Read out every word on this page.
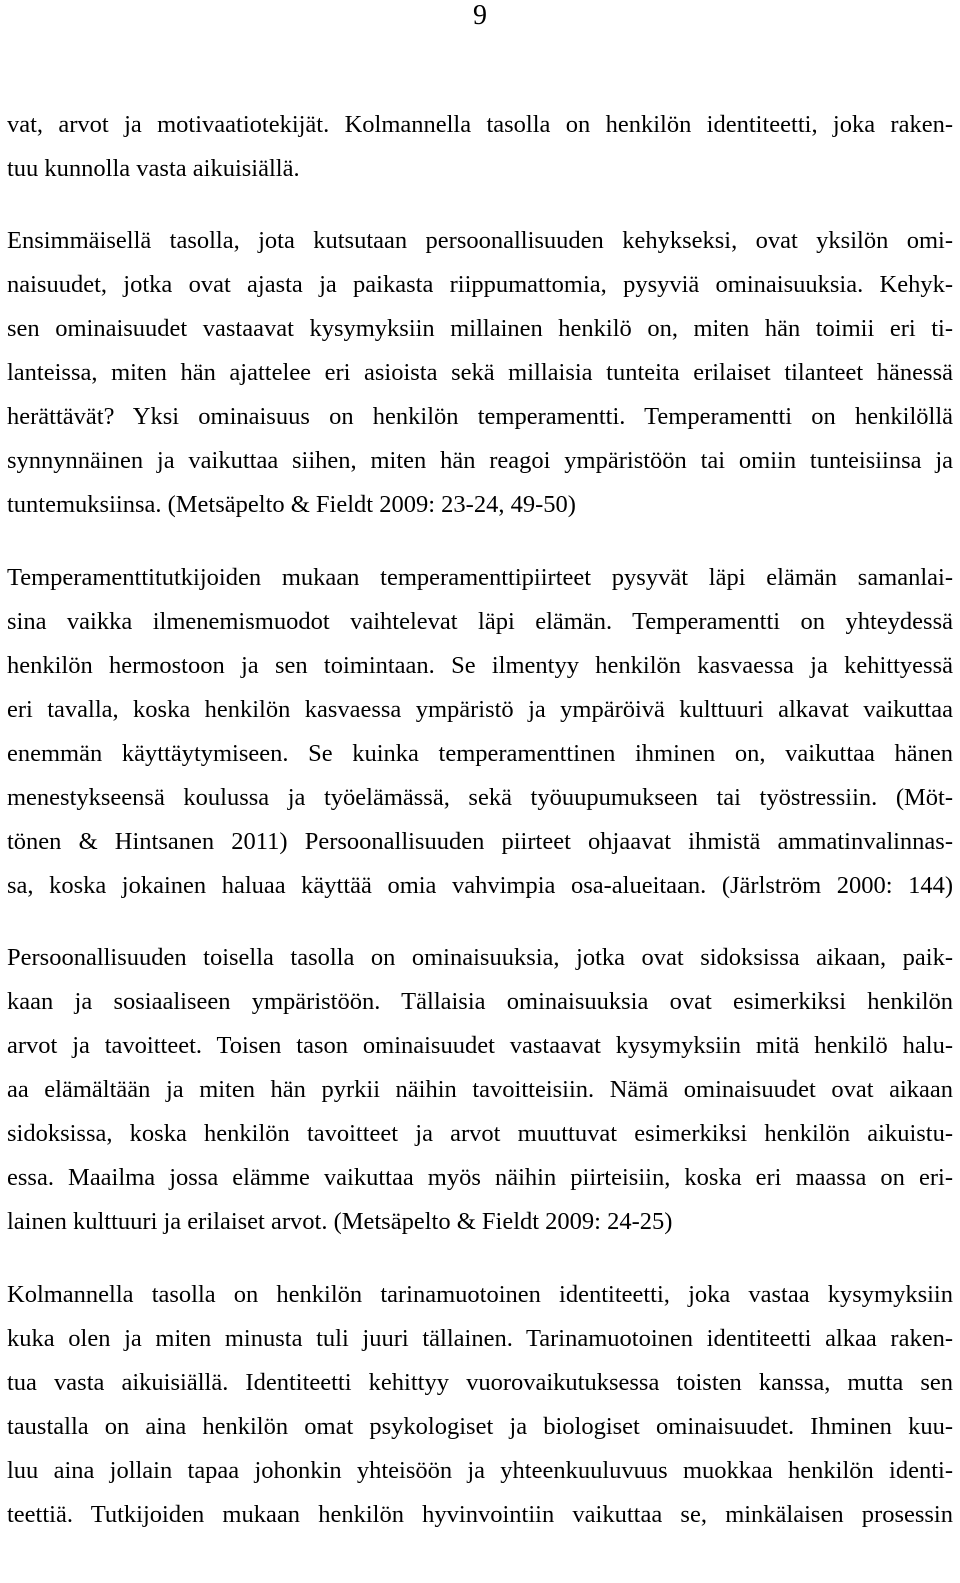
9
vat, arvot ja motivaatiotekijät. Kolmannella tasolla on henkilön identiteetti, joka raken-
tuu kunnolla vasta aikuisiällä.
Ensimmäisellä tasolla, jota kutsutaan persoonallisuuden kehykseksi, ovat yksilön omi-
naisuudet, jotka ovat ajasta ja paikasta riippumattomia, pysyviä ominaisuuksia. Kehyk-
sen ominaisuudet vastaavat kysymyksiin millainen henkilö on, miten hän toimii eri ti-
lanteissa, miten hän ajattelee eri asioista sekä millaisia tunteita erilaiset tilanteet hänessä
herättävät? Yksi ominaisuus on henkilön temperamentti. Temperamentti on henkilöllä
synnynnäinen ja vaikuttaa siihen, miten hän reagoi ympäristöön tai omiin tunteisiinsa ja
tuntemuksiinsa. (Metsäpelto & Fieldt 2009: 23-24, 49-50)
Temperamenttitutkijoiden mukaan temperamenttipiirteet pysyvät läpi elämän samanlai-
sina vaikka ilmenemismuodot vaihtelevat läpi elämän. Temperamentti on yhteydessä
henkilön hermostoon ja sen toimintaan. Se ilmentyy henkilön kasvaessa ja kehittyessä
eri tavalla, koska henkilön kasvaessa ympäristö ja ympäröivä kulttuuri alkavat vaikuttaa
enemmän käyttäytymiseen. Se kuinka temperamenttinen ihminen on, vaikuttaa hänen
menestykseensä koulussa ja työelämässä, sekä työuupumukseen tai työstressiin. (Möt-
tönen & Hintsanen 2011) Persoonallisuuden piirteet ohjaavat ihmistä ammatinvalinnas-
sa, koska jokainen haluaa käyttää omia vahvimpia osa-alueitaan. (Järlström 2000: 144)
Persoonallisuuden toisella tasolla on ominaisuuksia, jotka ovat sidoksissa aikaan, paik-
kaan ja sosiaaliseen ympäristöön. Tällaisia ominaisuuksia ovat esimerkiksi henkilön
arvot ja tavoitteet. Toisen tason ominaisuudet vastaavat kysymyksiin mitä henkilö halu-
aa elämältään ja miten hän pyrkii näihin tavoitteisiin. Nämä ominaisuudet ovat aikaan
sidoksissa, koska henkilön tavoitteet ja arvot muuttuvat esimerkiksi henkilön aikuistu-
essa. Maailma jossa elämme vaikuttaa myös näihin piirteisiin, koska eri maassa on eri-
lainen kulttuuri ja erilaiset arvot. (Metsäpelto & Fieldt 2009: 24-25)
Kolmannella tasolla on henkilön tarinamuotoinen identiteetti, joka vastaa kysymyksiin
kuka olen ja miten minusta tuli juuri tällainen. Tarinamuotoinen identiteetti alkaa raken-
tua vasta aikuisiällä. Identiteetti kehittyy vuorovaikutuksessa toisten kanssa, mutta sen
taustalla on aina henkilön omat psykologiset ja biologiset ominaisuudet. Ihminen kuu-
luu aina jollain tapaa johonkin yhteisöön ja yhteenkuuluvuus muokkaa henkilön identi-
teettiä. Tutkijoiden mukaan henkilön hyvinvointiin vaikuttaa se, minkälaisen prosessin
